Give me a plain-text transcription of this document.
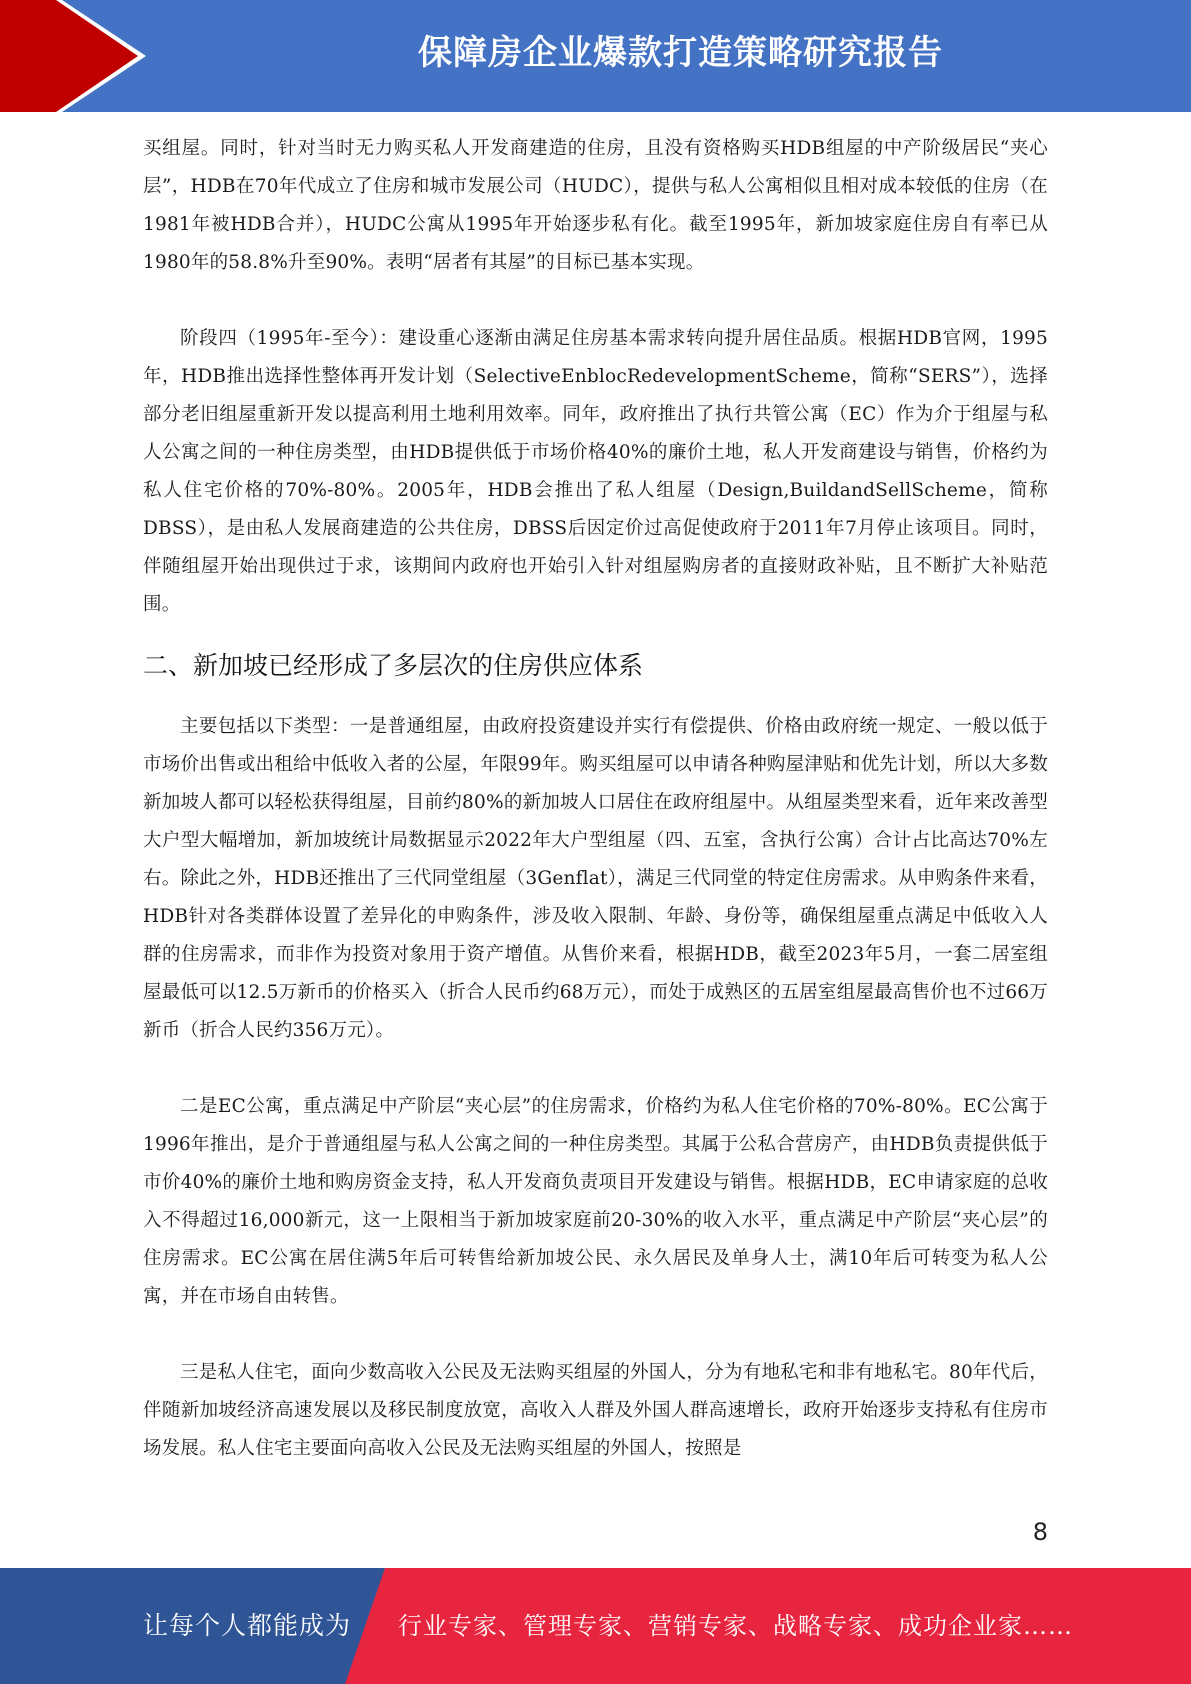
保障房企业爆款打造策略研究报告

买组屋。同时，针对当时无力购买私人开发商建造的住房，且没有资格购买HDB组屋的中产阶级居民“夹心层”，HDB在70年代成立了住房和城市发展公司（HUDC），提供与私人公寓相似且相对成本较低的住房（在1981年被HDB合并），HUDC公寓从1995年开始逐步私有化。截至1995年，新加坡家庭住房自有率已从1980年的58.8%升至90%。表明“居者有其屋”的目标已基本实现。

阶段四（1995年-至今）：建设重心逐渐由满足住房基本需求转向提升居住品质。根据HDB官网，1995年，HDB推出选择性整体再开发计划（SelectiveEnblocRedevelopmentScheme，简称“SERS”），选择部分老旧组屋重新开发以提高利用土地利用效率。同年，政府推出了执行共管公寓（EC）作为介于组屋与私人公寓之间的一种住房类型，由HDB提供低于市场价格40%的廉价土地，私人开发商建设与销售，价格约为私人住宅价格的70%-80%。2005年，HDB会推出了私人组屋（Design,BuildandSellScheme，简称DBSS），是由私人发展商建造的公共住房，DBSS后因定价过高促使政府于2011年7月停止该项目。同时，伴随组屋开始出现供过于求，该期间内政府也开始引入针对组屋购房者的直接财政补贴，且不断扩大补贴范围。

二、新加坡已经形成了多层次的住房供应体系

主要包括以下类型：一是普通组屋，由政府投资建设并实行有偿提供、价格由政府统一规定、一般以低于市场价出售或出租给中低收入者的公屋，年限99年。购买组屋可以申请各种购屋津贴和优先计划，所以大多数新加坡人都可以轻松获得组屋，目前约80%的新加坡人口居住在政府组屋中。从组屋类型来看，近年来改善型大户型大幅增加，新加坡统计局数据显示2022年大户型组屋（四、五室，含执行公寓）合计占比高达70%左右。除此之外，HDB还推出了三代同堂组屋（3Genflat），满足三代同堂的特定住房需求。从申购条件来看，HDB针对各类群体设置了差异化的申购条件，涉及收入限制、年龄、身份等，确保组屋重点满足中低收入人群的住房需求，而非作为投资对象用于资产增值。从售价来看，根据HDB，截至2023年5月，一套二居室组屋最低可以12.5万新币的价格买入（折合人民币约68万元），而处于成熟区的五居室组屋最高售价也不过66万新币（折合人民约356万元）。

二是EC公寓，重点满足中产阶层“夹心层”的住房需求，价格约为私人住宅价格的70%-80%。EC公寓于1996年推出，是介于普通组屋与私人公寓之间的一种住房类型。其属于公私合营房产，由HDB负责提供低于市价40%的廉价土地和购房资金支持，私人开发商负责项目开发建设与销售。根据HDB，EC申请家庭的总收入不得超过16,000新元，这一上限相当于新加坡家庭前20-30%的收入水平，重点满足中产阶层“夹心层”的住房需求。EC公寓在居住满5年后可转售给新加坡公民、永久居民及单身人士，满10年后可转变为私人公寓，并在市场自由转售。

三是私人住宅，面向少数高收入公民及无法购买组屋的外国人，分为有地私宅和非有地私宅。80年代后，伴随新加坡经济高速发展以及移民制度放宽，高收入人群及外国人群高速增长，政府开始逐步支持私有住房市场发展。私人住宅主要面向高收入公民及无法购买组屋的外国人，按照是

8
让每个人都能成为 行业专家、管理专家、营销专家、战略专家、成功企业家……
